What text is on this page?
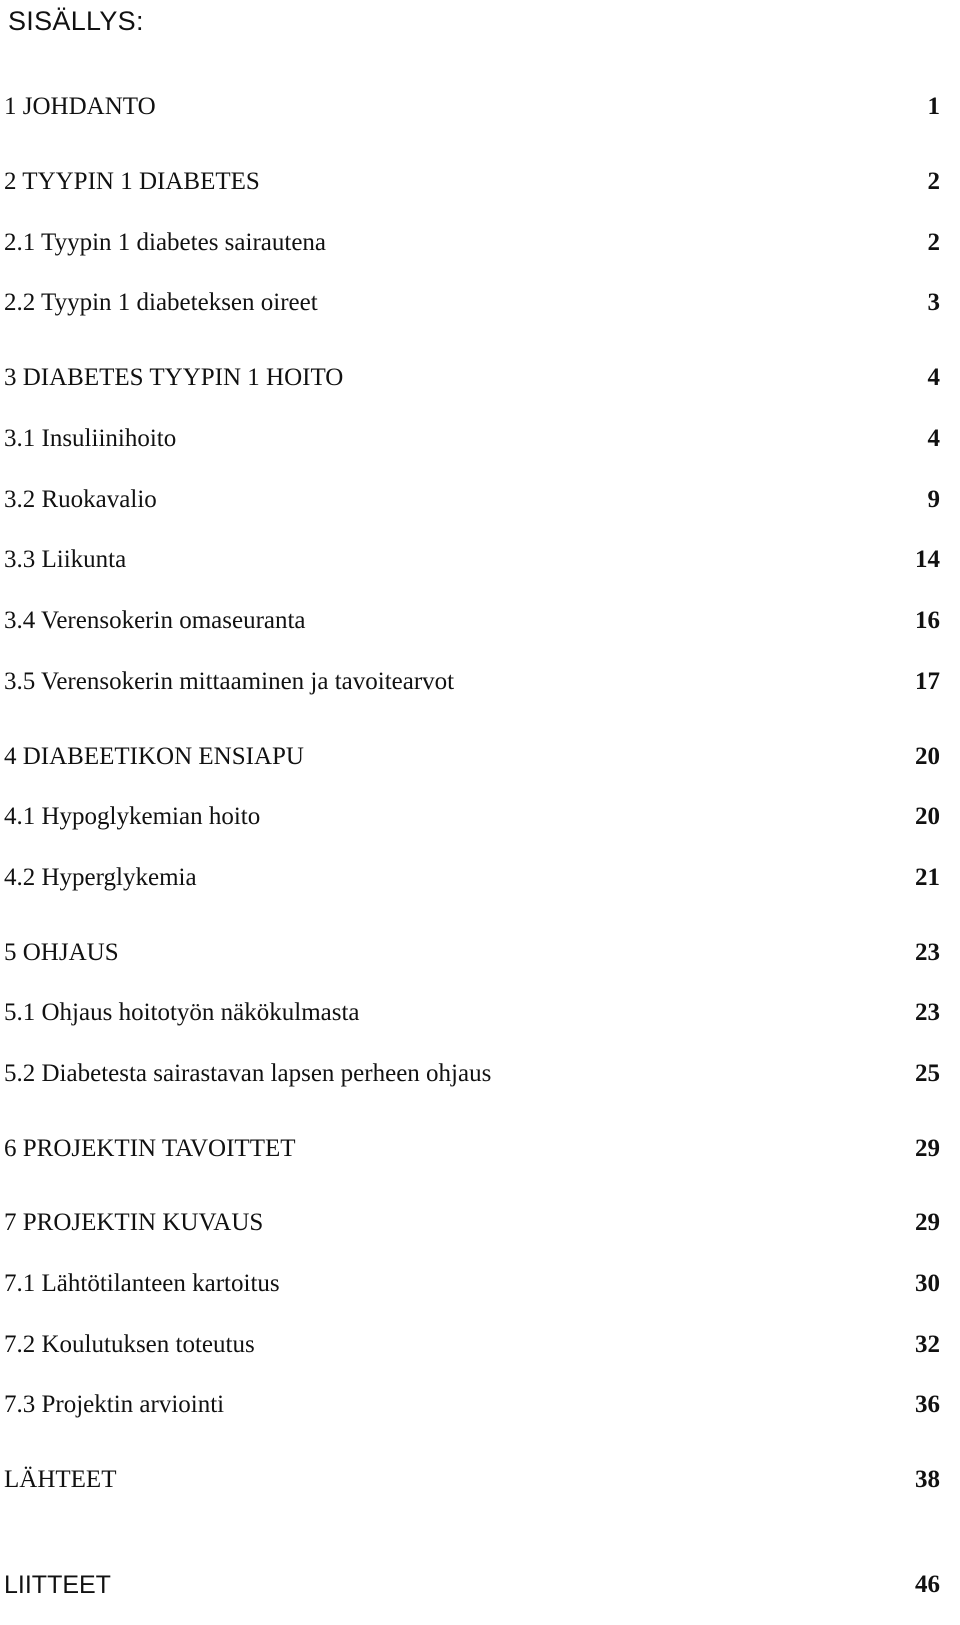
SISÄLLYS:
1 JOHDANTO	1
2 TYYPIN 1 DIABETES	2
2.1 Tyypin 1 diabetes sairautena	2
2.2 Tyypin 1 diabeteksen oireet	3
3 DIABETES TYYPIN 1 HOITO	4
3.1 Insuliinihoito	4
3.2 Ruokavalio	9
3.3 Liikunta	14
3.4 Verensokerin omaseuranta	16
3.5 Verensokerin mittaaminen ja tavoitearvot	17
4 DIABEETIKON ENSIAPU	20
4.1 Hypoglykemian hoito	20
4.2 Hyperglykemia	21
5 OHJAUS	23
5.1 Ohjaus hoitotyön näkökulmasta	23
5.2 Diabetesta sairastavan lapsen perheen ohjaus	25
6 PROJEKTIN TAVOITTET	29
7 PROJEKTIN KUVAUS	29
7.1 Lähtötilanteen kartoitus	30
7.2 Koulutuksen toteutus	32
7.3 Projektin arviointi	36
LÄHTEET	38
LIITTEET	46
